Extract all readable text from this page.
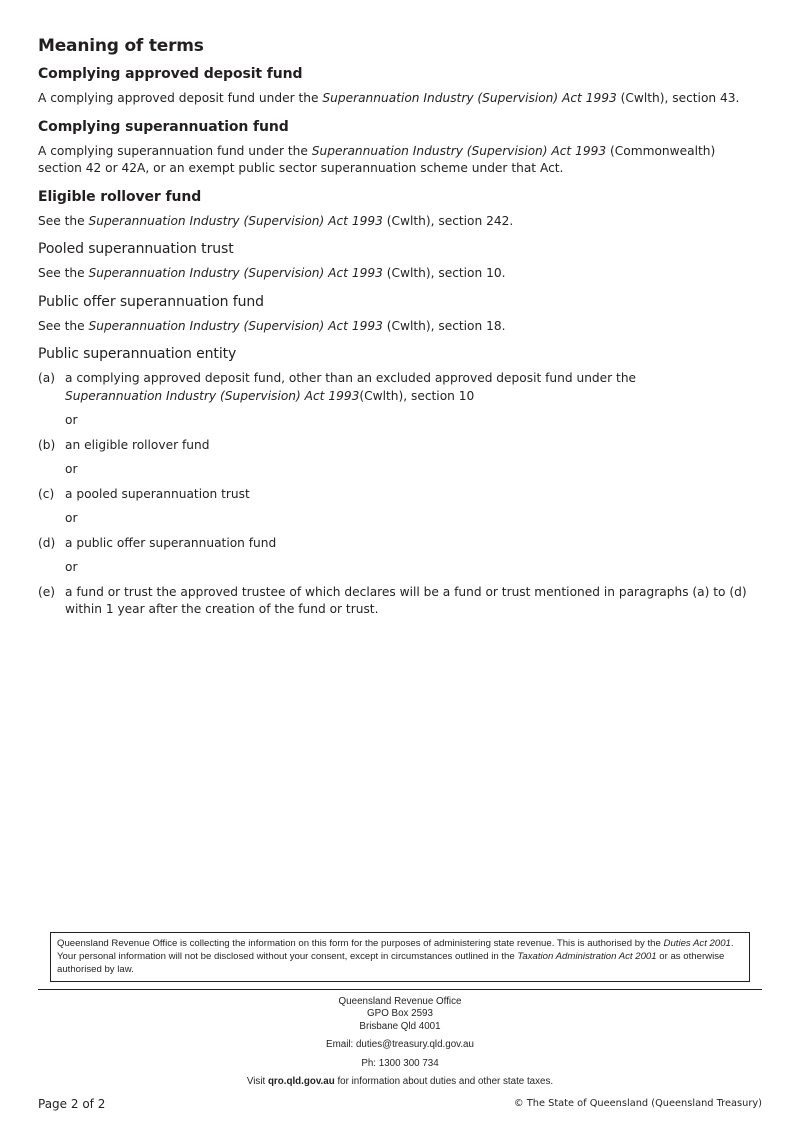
Meaning of terms
Complying approved deposit fund

A complying approved deposit fund under the Superannuation Industry (Supervision) Act 1993 (Cwlth), section 43.

Complying superannuation fund

A complying superannuation fund under the Superannuation Industry (Supervision) Act 1993 (Commonwealth) section 42 or 42A, or an exempt public sector superannuation scheme under that Act.

Eligible rollover fund

See the Superannuation Industry (Supervision) Act 1993 (Cwlth), section 242.

Pooled superannuation trust

See the Superannuation Industry (Supervision) Act 1993 (Cwlth), section 10.

Public offer superannuation fund

See the Superannuation Industry (Supervision) Act 1993 (Cwlth), section 18.

Public superannuation entity
(a) a complying approved deposit fund, other than an excluded approved deposit fund under the
Superannuation Industry (Supervision) Act 1993(Cwlth), section 10
or
(b) an eligible rollover fund
or
(c) a pooled superannuation trust
or
(d) a public offer superannuation fund
or
(e) a fund or trust the approved trustee of which declares will be a fund or trust mentioned in paragraphs (a) to (d) within 1 year after the creation of the fund or trust.
Queensland Revenue Office is collecting the information on this form for the purposes of administering state revenue. This is authorised by the Duties Act 2001. Your personal information will not be disclosed without your consent, except in circumstances outlined in the Taxation Administration Act 2001 or as otherwise authorised by law.
Queensland Revenue Office
GPO Box 2593
Brisbane Qld 4001
Email: duties@treasury.qld.gov.au
Ph: 1300 300 734
Visit qro.qld.gov.au for information about duties and other state taxes.
Page 2 of 2	© The State of Queensland (Queensland Treasury)
